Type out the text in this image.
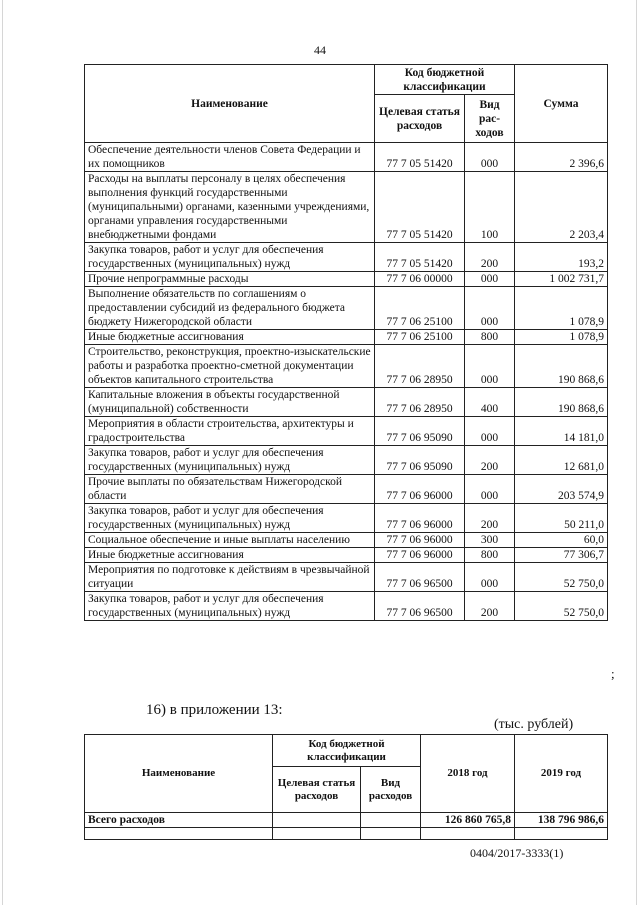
44
Наименование	Код бюджетной классификации		Сумма
	Целевая статья расходов	Вид рас-ходов	
Обеспечение деятельности членов Совета Федерации и их помощников	77 7 05 51420	000	2 396,6
Расходы на выплаты персоналу в целях обеспечения выполнения функций государственными (муниципальными) органами, казенными учреждениями, органами управления государственными внебюджетными фондами	77 7 05 51420	100	2 203,4
Закупка товаров, работ и услуг для обеспечения государственных (муниципальных) нужд	77 7 05 51420	200	193,2
Прочие непрограммные расходы	77 7 06 00000	000	1 002 731,7
Выполнение обязательств по соглашениям о предоставлении субсидий из федерального бюджета бюджету Нижегородской области	77 7 06 25100	000	1 078,9
Иные бюджетные ассигнования	77 7 06 25100	800	1 078,9
Строительство, реконструкция, проектно-изыскательские работы и разработка проектно-сметной документации объектов капитального строительства	77 7 06 28950	000	190 868,6
Капитальные вложения в объекты государственной (муниципальной) собственности	77 7 06 28950	400	190 868,6
Мероприятия в области строительства, архитектуры и градостроительства	77 7 06 95090	000	14 181,0
Закупка товаров, работ и услуг для обеспечения государственных (муниципальных) нужд	77 7 06 95090	200	12 681,0
Прочие выплаты по обязательствам Нижегородской области	77 7 06 96000	000	203 574,9
Закупка товаров, работ и услуг для обеспечения государственных (муниципальных) нужд	77 7 06 96000	200	50 211,0
Социальное обеспечение и иные выплаты населению	77 7 06 96000	300	60,0
Иные бюджетные ассигнования	77 7 06 96000	800	77 306,7
Мероприятия по подготовке к действиям в чрезвычайной ситуации	77 7 06 96500	000	52 750,0
Закупка товаров, работ и услуг для обеспечения государственных (муниципальных) нужд	77 7 06 96500	200	52 750,0
;
16) в приложении 13:
(тыс. рублей)
Наименование	Код бюджетной классификации		2018 год	2019 год
	Целевая статья расходов	Вид расходов		
Всего расходов			126 860 765,8	138 796 986,6

0404/2017-3333(1)
